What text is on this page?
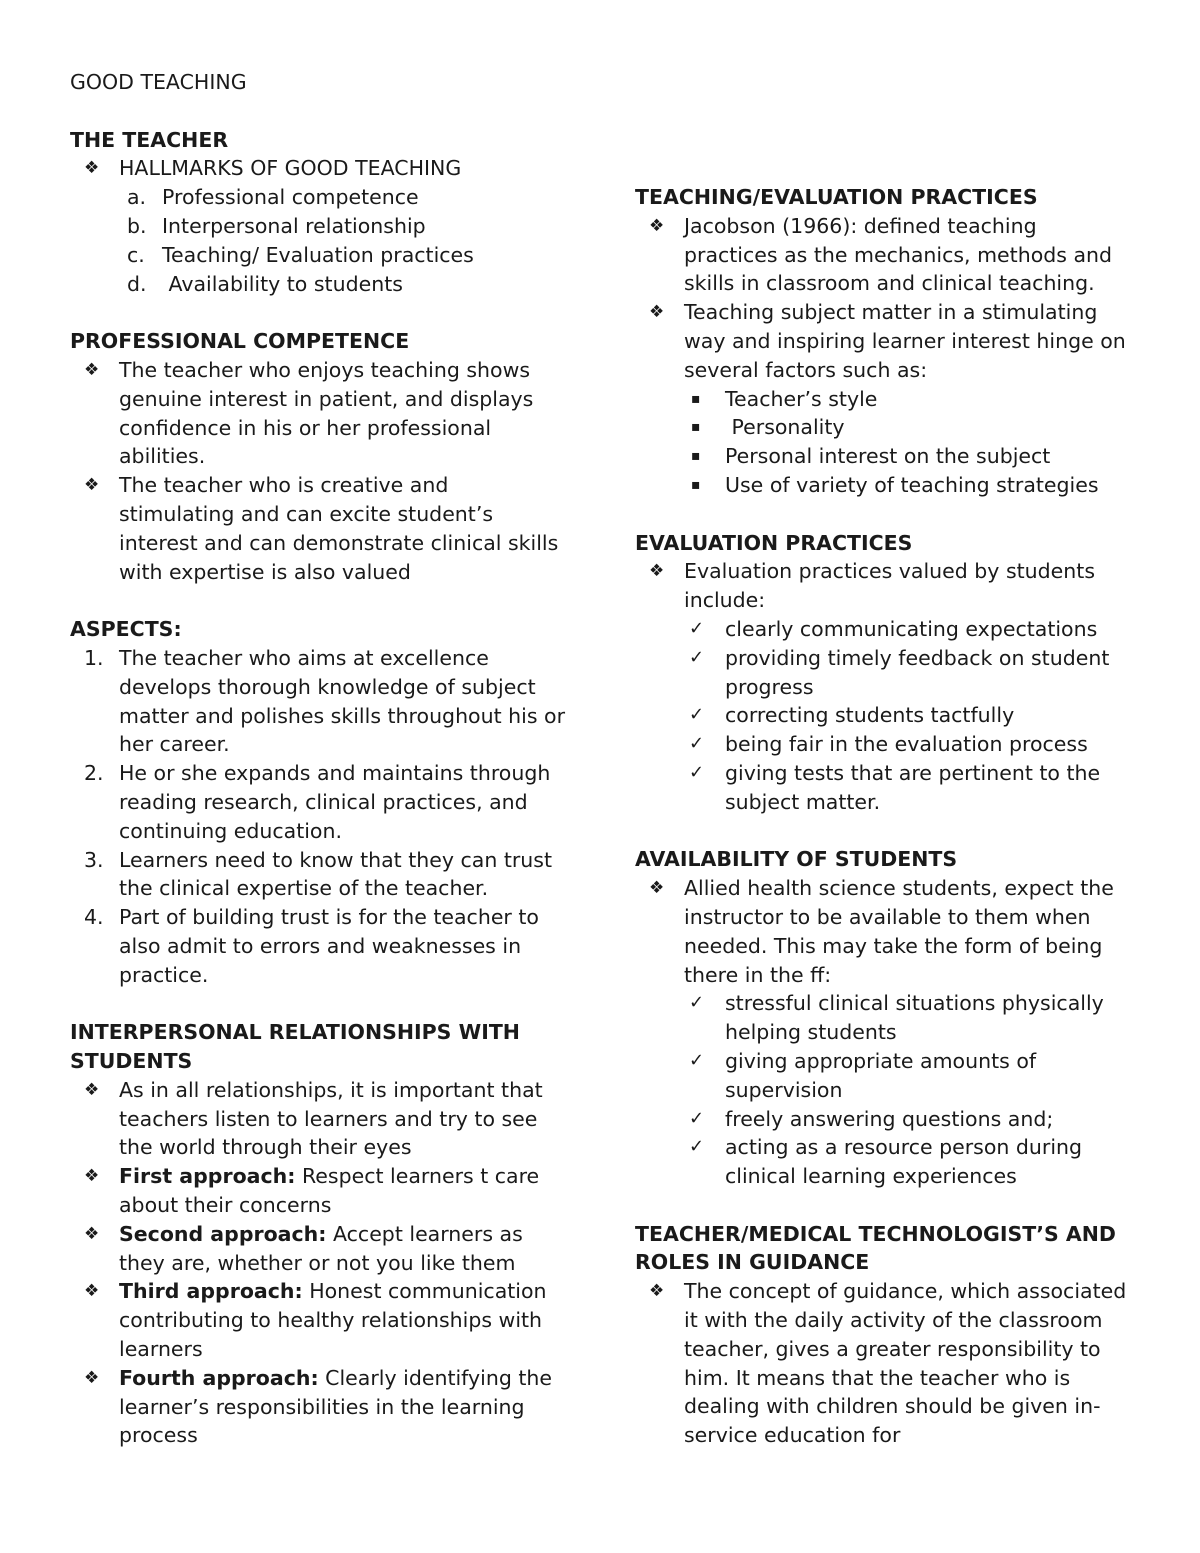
GOOD TEACHING

THE TEACHER

❖ HALLMARKS OF GOOD TEACHING
a. Professional competence
b. Interpersonal relationship
c. Teaching/ Evaluation practices
d. Availability to students

PROFESSIONAL COMPETENCE

❖ The teacher who enjoys teaching shows genuine interest in patient, and displays confidence in his or her professional abilities.
❖ The teacher who is creative and stimulating and can excite student’s interest and can demonstrate clinical skills with expertise is also valued

ASPECTS:

1. The teacher who aims at excellence develops thorough knowledge of subject matter and polishes skills throughout his or her career.
2. He or she expands and maintains through reading research, clinical practices, and continuing education.
3. Learners need to know that they can trust the clinical expertise of the teacher.
4. Part of building trust is for the teacher to also admit to errors and weaknesses in practice.

INTERPERSONAL RELATIONSHIPS WITH STUDENTS

❖ As in all relationships, it is important that teachers listen to learners and try to see the world through their eyes
❖ First approach: Respect learners t care about their concerns
❖ Second approach: Accept learners as they are, whether or not you like them
❖ Third approach: Honest communication contributing to healthy relationships with learners
❖ Fourth approach: Clearly identifying the learner’s responsibilities in the learning process

TEACHING/EVALUATION PRACTICES

❖ Jacobson (1966): defined teaching practices as the mechanics, methods and skills in classroom and clinical teaching.
❖ Teaching subject matter in a stimulating way and inspiring learner interest hinge on several factors such as:
▪ Teacher’s style
▪ Personality
▪ Personal interest on the subject
▪ Use of variety of teaching strategies

EVALUATION PRACTICES

❖ Evaluation practices valued by students include:
✓ clearly communicating expectations
✓ providing timely feedback on student progress
✓ correcting students tactfully
✓ being fair in the evaluation process
✓ giving tests that are pertinent to the subject matter.

AVAILABILITY OF STUDENTS

❖ Allied health science students, expect the instructor to be available to them when needed. This may take the form of being there in the ff:
✓ stressful clinical situations physically helping students
✓ giving appropriate amounts of supervision
✓ freely answering questions and;
✓ acting as a resource person during clinical learning experiences

TEACHER/MEDICAL TECHNOLOGIST’S AND ROLES IN GUIDANCE

❖ The concept of guidance, which associated it with the daily activity of the classroom teacher, gives a greater responsibility to him. It means that the teacher who is dealing with children should be given in-service education for
